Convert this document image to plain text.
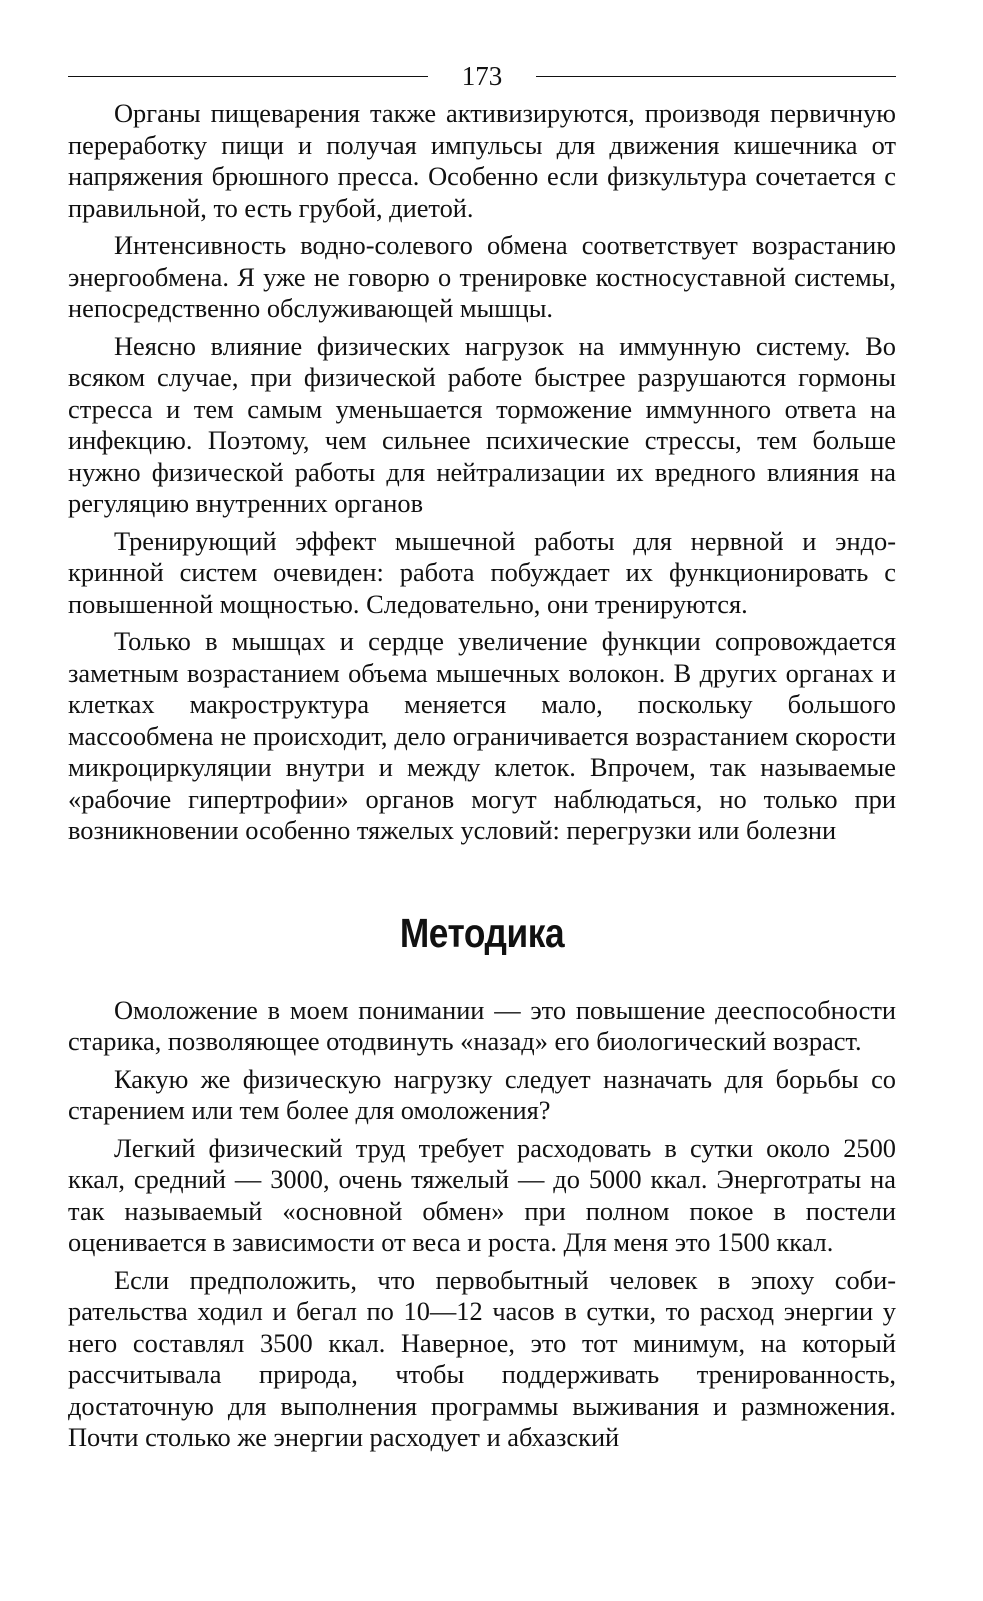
173

Органы пищеварения также активизируются, производя первичную переработку пищи и получая импульсы для движения кишечника от напряжения брюшного пресса. Особенно если физкультура сочетается с правильной, то есть грубой, диетой.

Интенсивность водно-солевого обмена соответствует возрастанию энергообмена. Я уже не говорю о тренировке костносуставной системы, непосредственно обслуживающей мышцы.

Неясно влияние физических нагрузок на иммунную систему. Во всяком случае, при физической работе быстрее разрушаются гормоны стресса и тем самым уменьшается торможение иммунного ответа на инфекцию. Поэтому, чем сильнее психические стрессы, тем больше нужно физической работы для нейтрализации их вредного влияния на регуляцию внутренних органов

Тренирующий эффект мышечной работы для нервной и эндокринной систем очевиден: работа побуждает их функционировать с повышенной мощностью. Следовательно, они тренируются.

Только в мышцах и сердце увеличение функции сопровождается заметным возрастанием объема мышечных волокон. В других органах и клетках макроструктура меняется мало, поскольку большого массообмена не происходит, дело ограничивается возрастанием скорости микроциркуляции внутри и между клеток. Впрочем, так называемые «рабочие гипертрофии» органов могут наблюдаться, но только при возникновении особенно тяжелых условий: перегрузки или болезни

Методика

Омоложение в моем понимании — это повышение дееспособности старика, позволяющее отодвинуть «назад» его биологический возраст.

Какую же физическую нагрузку следует назначать для борьбы со старением или тем более для омоложения?

Легкий физический труд требует расходовать в сутки около 2500 ккал, средний — 3000, очень тяжелый — до 5000 ккал. Энерготраты на так называемый «основной обмен» при полном покое в постели оценивается в зависимости от веса и роста. Для меня это 1500 ккал.

Если предположить, что первобытный человек в эпоху собирательства ходил и бегал по 10—12 часов в сутки, то расход энергии у него составлял 3500 ккал. Наверное, это тот минимум, на который рассчитывала природа, чтобы поддерживать тренированность, достаточную для выполнения программы выживания и размножения. Почти столько же энергии расходует и абхазский
